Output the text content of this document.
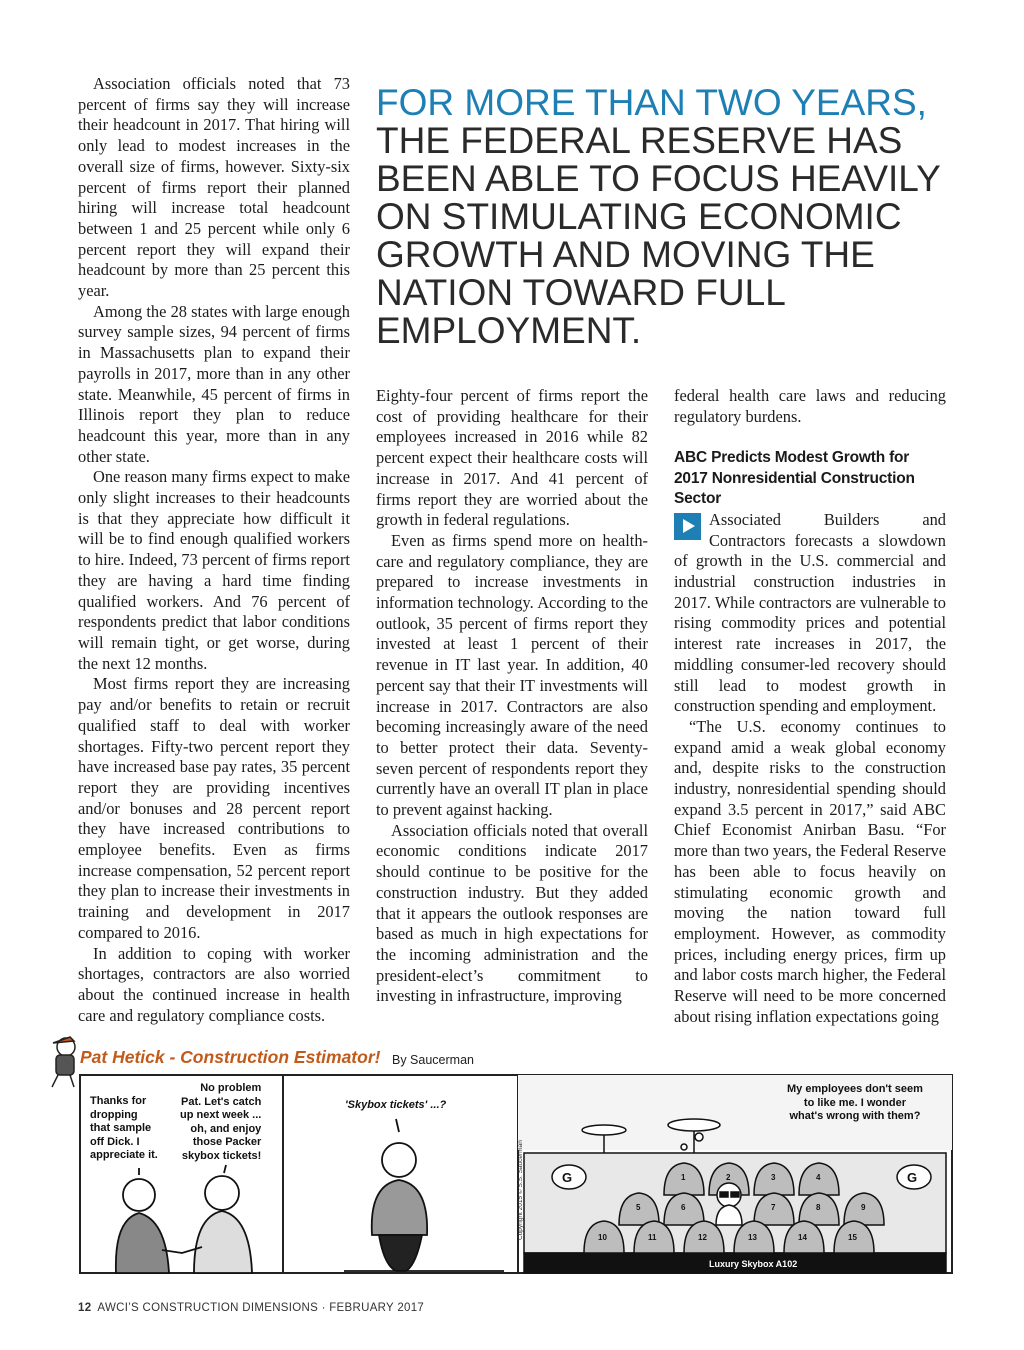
Association officials noted that 73 percent of firms say they will increase their headcount in 2017. That hiring will only lead to modest increases in the overall size of firms, however. Sixty-six percent of firms report their planned hiring will increase total headcount between 1 and 25 percent while only 6 percent report they will expand their headcount by more than 25 percent this year.

Among the 28 states with large enough survey sample sizes, 94 percent of firms in Massachusetts plan to expand their payrolls in 2017, more than in any other state. Meanwhile, 45 percent of firms in Illinois report they plan to reduce headcount this year, more than in any other state.

One reason many firms expect to make only slight increases to their headcounts is that they appreciate how difficult it will be to find enough qualified workers to hire. Indeed, 73 percent of firms report they are having a hard time finding qualified workers. And 76 percent of respondents predict that labor conditions will remain tight, or get worse, during the next 12 months.

Most firms report they are increasing pay and/or benefits to retain or recruit qualified staff to deal with worker shortages. Fifty-two percent report they have increased base pay rates, 35 percent report they are providing incentives and/or bonuses and 28 percent report they have increased contributions to employee benefits. Even as firms increase compensation, 52 percent report they plan to increase their investments in training and development in 2017 compared to 2016.

In addition to coping with worker shortages, contractors are also worried about the continued increase in health care and regulatory compliance costs.

FOR MORE THAN TWO YEARS,
THE FEDERAL RESERVE HAS BEEN ABLE TO FOCUS HEAVILY ON STIMULATING ECONOMIC GROWTH AND MOVING THE NATION TOWARD FULL EMPLOYMENT.

Eighty-four percent of firms report the cost of providing healthcare for their employees increased in 2016 while 82 percent expect their healthcare costs will increase in 2017. And 41 percent of firms report they are worried about the growth in federal regulations.

Even as firms spend more on health-care and regulatory compliance, they are prepared to increase investments in information technology. According to the outlook, 35 percent of firms report they invested at least 1 percent of their revenue in IT last year. In addition, 40 percent say that their IT investments will increase in 2017. Contractors are also becoming increasingly aware of the need to better protect their data. Seventy-seven percent of respondents report they currently have an overall IT plan in place to prevent against hacking.

Association officials noted that overall economic conditions indicate 2017 should continue to be positive for the construction industry. But they added that it appears the outlook responses are based as much in high expectations for the incoming administration and the president-elect’s commitment to investing in infrastructure, improving

federal health care laws and reducing regulatory burdens.

ABC Predicts Modest Growth for 2017 Nonresidential Construction Sector

Associated Builders and Contractors forecasts a slowdown of growth in the U.S. commercial and industrial construction industries in 2017. While contractors are vulnerable to rising commodity prices and potential interest rate increases in 2017, the middling consumer-led recovery should still lead to modest growth in construction spending and employment.

“The U.S. economy continues to expand amid a weak global economy and, despite risks to the construction industry, nonresidential spending should expand 3.5 percent in 2017,” said ABC Chief Economist Anirban Basu. “For more than two years, the Federal Reserve has been able to focus heavily on stimulating economic growth and moving the nation toward full employment. However, as commodity prices, including energy prices, firm up and labor costs march higher, the Federal Reserve will need to be more concerned about rising inflation expectations going

Pat Hetick - Construction Estimator! By Saucerman
1	2	3	4
5	6	7	8	9
10	11	12	13	14	15
G	G
Copyright 2015 © S.S. Saucerman
Luxury Skybox A102
Thanks for
dropping
that sample
off Dick. I
appreciate it.
No problem
Pat. Let's catch
up next week ...
oh, and enjoy
those Packer
skybox tickets!
'Skybox tickets' ...?
My employees don't seem
to like me. I wonder
what's wrong with them?
12 AWCI’S CONSTRUCTION DIMENSIONS · FEBRUARY 2017
